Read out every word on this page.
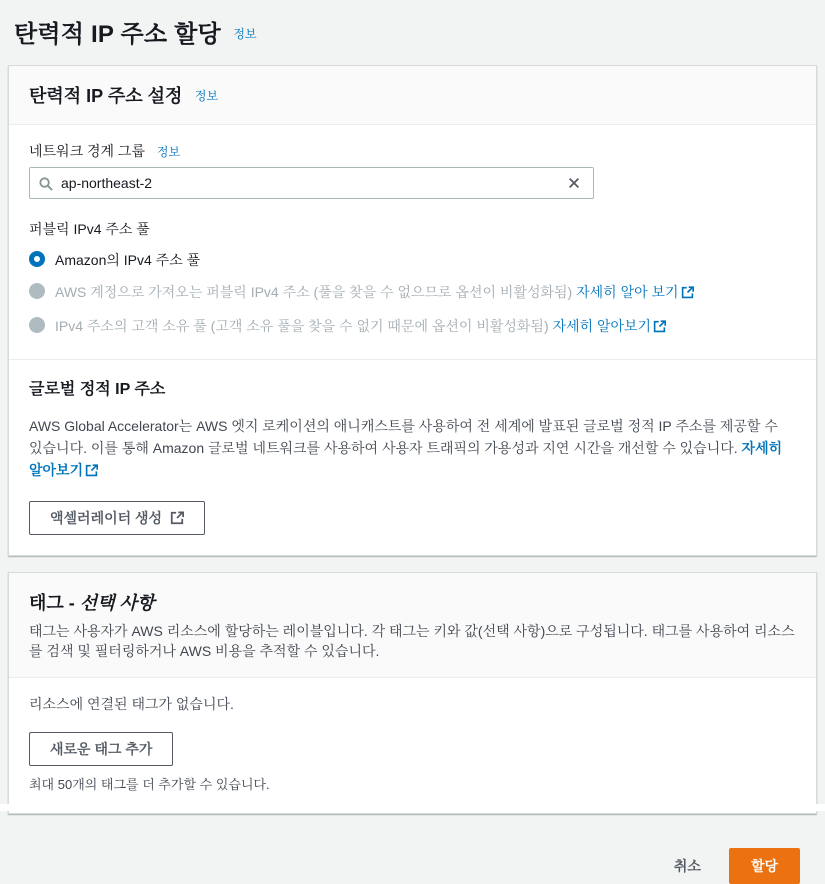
탄력적 IP 주소 할당 $^{정보}$
탄력적 IP 주소 설정 정보
네트워크 경계 그룹 정보
ap-northeast-2
퍼블릭 IPv4 주소 풀
Amazon의 IPv4 주소 풀
AWS 계정으로 가져오는 퍼블릭 IPv4 주소 (풀을 찾을 수 없으므로 옵션이 비활성화됨) 자세히 알아 보기
IPv4 주소의 고객 소유 풀 (고객 소유 풀을 찾을 수 없기 때문에 옵션이 비활성화됨) 자세히 알아보기
글로벌 정적 IP 주소

AWS Global Accelerator는 AWS 엣지 로케이션의 애니캐스트를 사용하여 전 세계에 발표된 글로벌 정적 IP 주소를 제공할 수 있습니다. 이를 통해 Amazon 글로벌 네트워크를 사용하여 사용자 트래픽의 가용성과 지연 시간을 개선할 수 있습니다. 자세히 알아보기

액셀러레이터 생성
태그 - 선택 사항

태그는 사용자가 AWS 리소스에 할당하는 레이블입니다. 각 태그는 키와 값(선택 사항)으로 구성됩니다. 태그를 사용하여 리소스를 검색 및 필터링하거나 AWS 비용을 추적할 수 있습니다.

리소스에 연결된 태그가 없습니다.

새로운 태그 추가

최대 50개의 태그를 더 추가할 수 있습니다.

취소	할당
